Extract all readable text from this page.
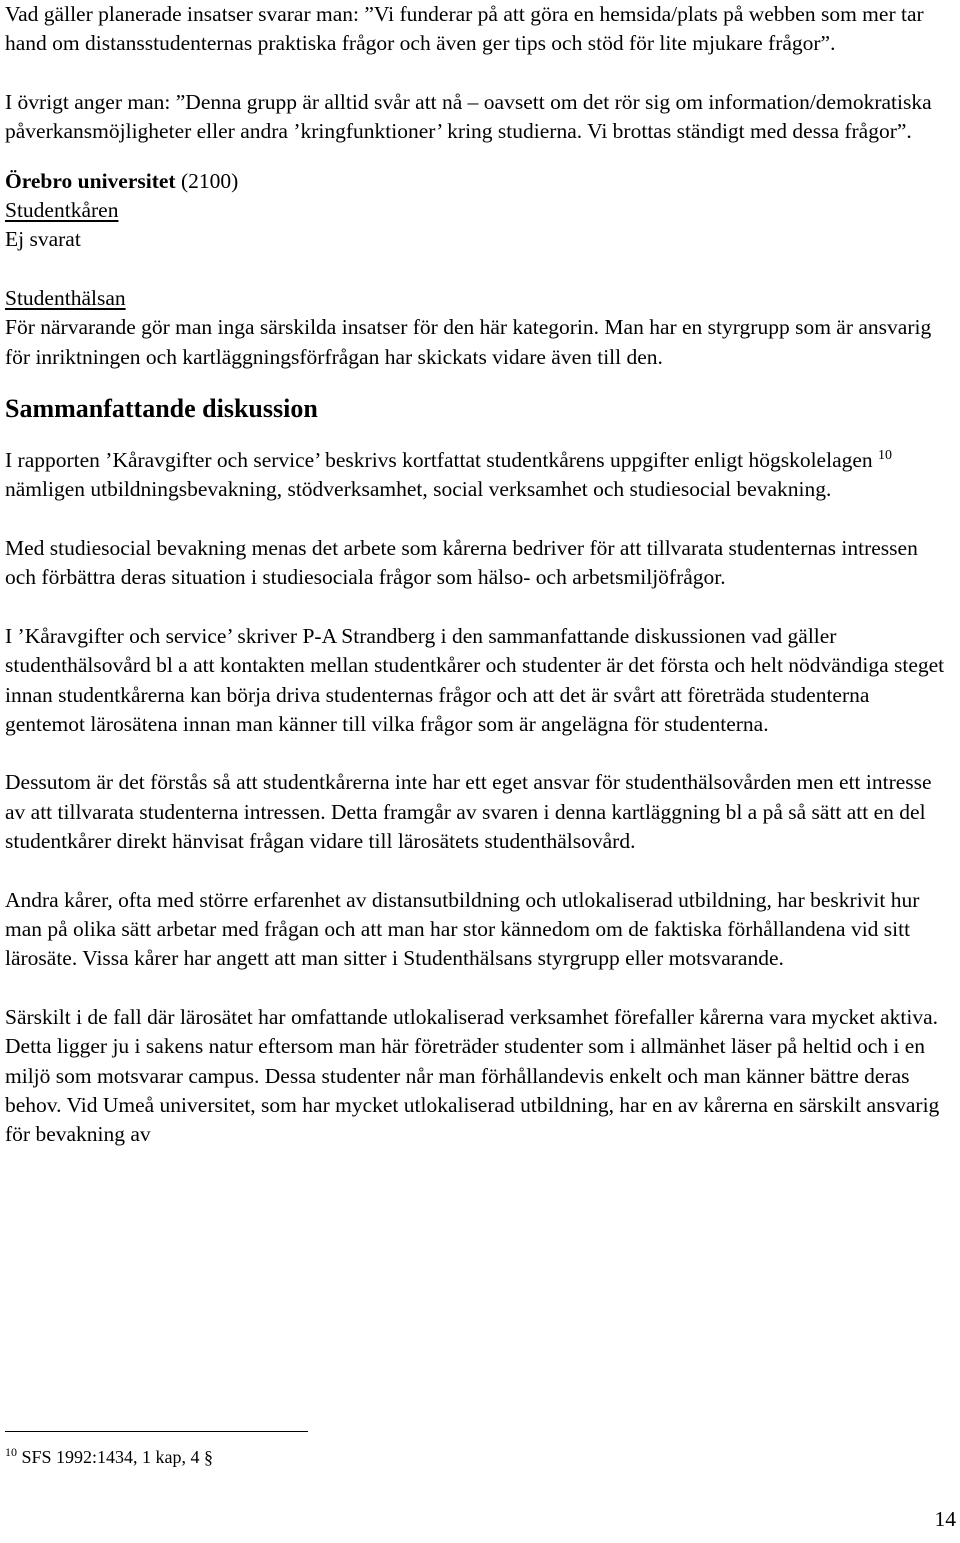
Vad gäller planerade insatser svarar man: ”Vi funderar på att göra en hemsida/plats på webben som mer tar hand om distansstudenternas praktiska frågor och även ger tips och stöd för lite mjukare frågor”.

I övrigt anger man: ”Denna grupp är alltid svår att nå – oavsett om det rör sig om information/demokratiska påverkansmöjligheter eller andra ’kringfunktioner’ kring studierna. Vi brottas ständigt med dessa frågor”.

Örebro universitet (2100)

Studentkåren

Ej svarat

Studenthälsan

För närvarande gör man inga särskilda insatser för den här kategorin. Man har en styrgrupp som är ansvarig för inriktningen och kartläggningsförfrågan har skickats vidare även till den.

Sammanfattande diskussion

I rapporten ’Kåravgifter och service’ beskrivs kortfattat studentkårens uppgifter enligt högskolelagen $^{10}$ nämligen utbildningsbevakning, stödverksamhet, social verksamhet och studiesocial bevakning.

Med studiesocial bevakning menas det arbete som kårerna bedriver för att tillvarata studenternas intressen och förbättra deras situation i studiesociala frågor som hälso- och arbetsmiljöfrågor.

I ’Kåravgifter och service’ skriver P-A Strandberg i den sammanfattande diskussionen vad gäller studenthälsovård bl a att kontakten mellan studentkårer och studenter är det första och helt nödvändiga steget innan studentkårerna kan börja driva studenternas frågor och att det är svårt att företräda studenterna gentemot lärosätena innan man känner till vilka frågor som är angelägna för studenterna.

Dessutom är det förstås så att studentkårerna inte har ett eget ansvar för studenthälsovården men ett intresse av att tillvarata studenterna intressen. Detta framgår av svaren i denna kartläggning bl a på så sätt att en del studentkårer direkt hänvisat frågan vidare till lärosätets studenthälsovård.

Andra kårer, ofta med större erfarenhet av distansutbildning och utlokaliserad utbildning, har beskrivit hur man på olika sätt arbetar med frågan och att man har stor kännedom om de faktiska förhållandena vid sitt lärosäte. Vissa kårer har angett att man sitter i Studenthälsans styrgrupp eller motsvarande.

Särskilt i de fall där lärosätet har omfattande utlokaliserad verksamhet förefaller kårerna vara mycket aktiva. Detta ligger ju i sakens natur eftersom man här företräder studenter som i allmänhet läser på heltid och i en miljö som motsvarar campus. Dessa studenter når man förhållandevis enkelt och man känner bättre deras behov. Vid Umeå universitet, som har mycket utlokaliserad utbildning, har en av kårerna en särskilt ansvarig för bevakning av

$^{10}$ SFS 1992:1434, 1 kap, 4 §
14
